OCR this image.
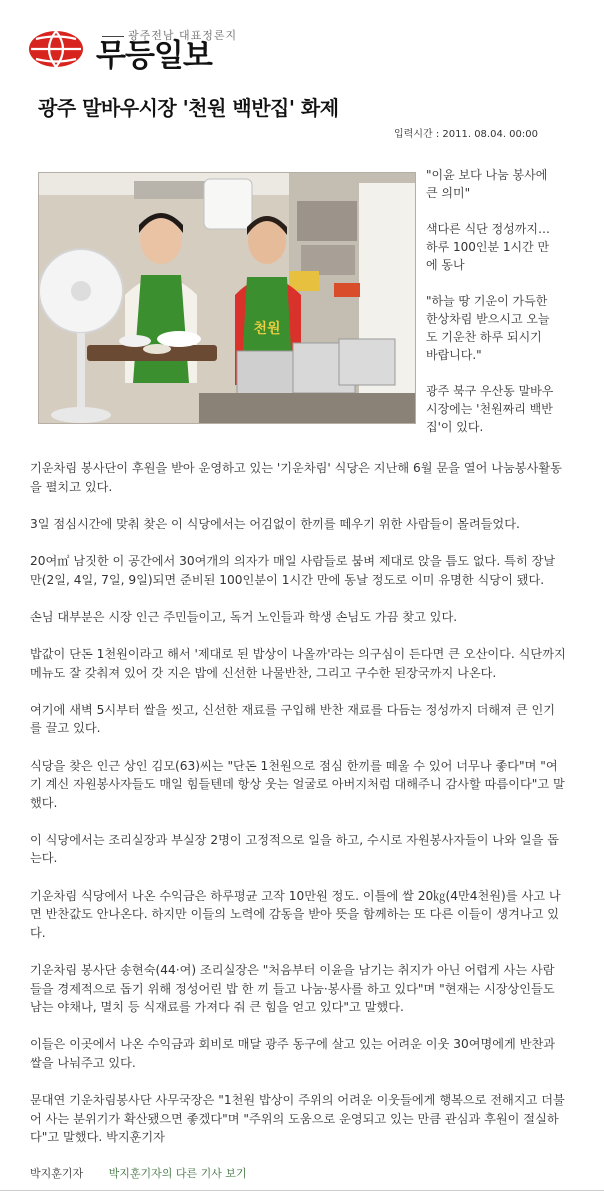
광주전남 대표정론지
무등일보
광주 말바우시장 '천원 백반집' 화제
입력시간 : 2011. 08.04. 00:00
천원

"이윤 보다 나눔 봉사에 큰 의미"

색다른 식단 정성까지… 하루 100인분 1시간 만에 동나

"하늘 땅 기운이 가득한 한상차림 받으시고 오늘도 기운찬 하루 되시기 바랍니다."

광주 북구 우산동 말바우 시장에는 '천원짜리 백반집'이 있다.

기운차림 봉사단이 후원을 받아 운영하고 있는 '기운차림' 식당은 지난해 6월 문을 열어 나눔봉사활동을 펼치고 있다.

3일 점심시간에 맞춰 찾은 이 식당에서는 어김없이 한끼를 떼우기 위한 사람들이 몰려들었다.

20여㎡ 남짓한 이 공간에서 30여개의 의자가 매일 사람들로 붐벼 제대로 앉을 틈도 없다. 특히 장날만(2일, 4일, 7일, 9일)되면 준비된 100인분이 1시간 만에 동날 정도로 이미 유명한 식당이 됐다.

손님 대부분은 시장 인근 주민들이고, 독거 노인들과 학생 손님도 가끔 찾고 있다.

밥값이 단돈 1천원이라고 해서 '제대로 된 밥상이 나올까'라는 의구심이 든다면 큰 오산이다. 식단까지 메뉴도 잘 갖춰져 있어 갓 지은 밥에 신선한 나물반찬, 그리고 구수한 된장국까지 나온다.

여기에 새벽 5시부터 쌀을 씻고, 신선한 재료를 구입해 반찬 재료를 다듬는 정성까지 더해져 큰 인기를 끌고 있다.

식당을 찾은 인근 상인 김모(63)씨는 "단돈 1천원으로 점심 한끼를 떼울 수 있어 너무나 좋다"며 "여기 계신 자원봉사자들도 매일 힘들텐데 항상 웃는 얼굴로 아버지처럼 대해주니 감사할 따름이다"고 말했다.

이 식당에서는 조리실장과 부실장 2명이 고정적으로 일을 하고, 수시로 자원봉사자들이 나와 일을 돕는다.

기운차림 식당에서 나온 수익금은 하루평균 고작 10만원 정도. 이틀에 쌀 20㎏(4만4천원)를 사고 나면 반찬값도 안나온다. 하지만 이들의 노력에 감동을 받아 뜻을 함께하는 또 다른 이들이 생겨나고 있다.

기운차림 봉사단 송현숙(44·여) 조리실장은 "처음부터 이윤을 남기는 취지가 아닌 어렵게 사는 사람들을 경제적으로 돕기 위해 정성어린 밥 한 끼 들고 나눔·봉사를 하고 있다"며 "현재는 시장상인들도 남는 야채나, 멸치 등 식재료를 가져다 줘 큰 힘을 얻고 있다"고 말했다.

이들은 이곳에서 나온 수익금과 회비로 매달 광주 동구에 살고 있는 어려운 이웃 30여명에게 반찬과 쌀을 나눠주고 있다.

문대연 기운차림봉사단 사무국장은 "1천원 밥상이 주위의 어려운 이웃들에게 행복으로 전해지고 더불어 사는 분위기가 확산됐으면 좋겠다"며 "주위의 도움으로 운영되고 있는 만큼 관심과 후원이 절실하다"고 말했다. 박지훈기자

박지훈기자 박지훈기자의 다른 기사 보기
